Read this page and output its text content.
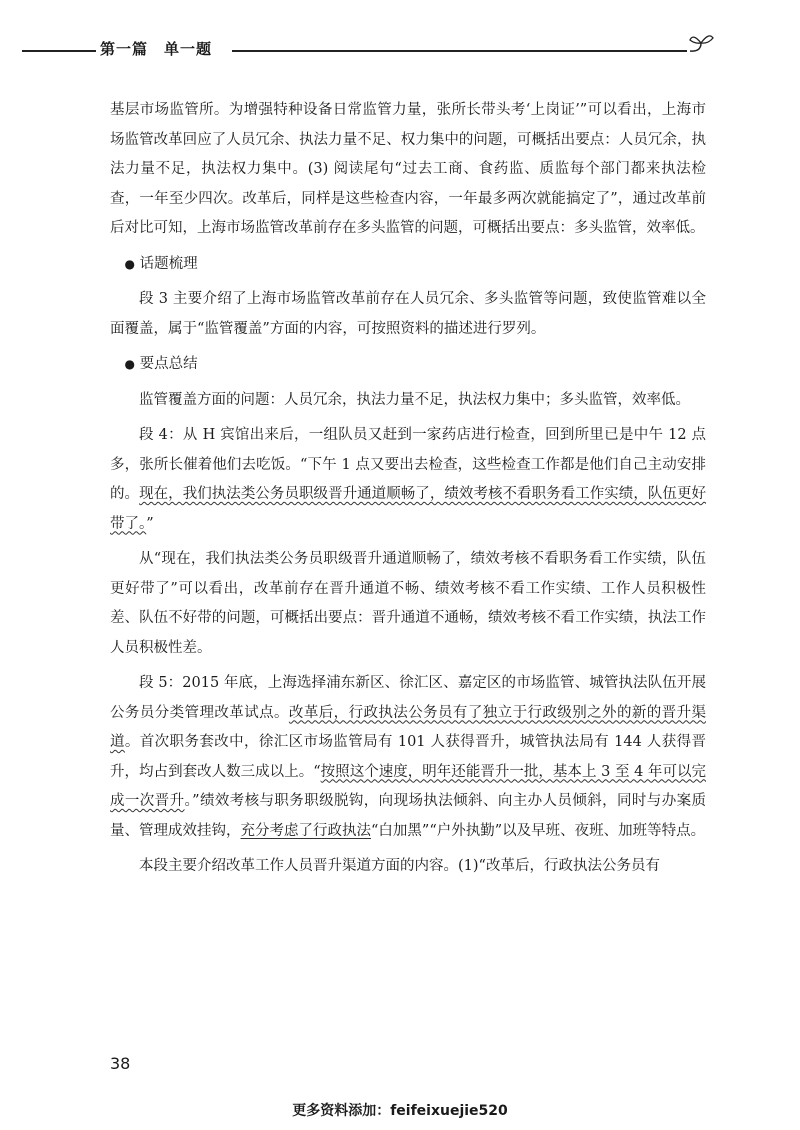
第一篇　单一题

基层市场监管所。为增强特种设备日常监管力量，张所长带头考‘上岗证’”可以看出，上海市场监管改革回应了人员冗余、执法力量不足、权力集中的问题，可概括出要点：人员冗余，执法力量不足，执法权力集中。(3) 阅读尾句“过去工商、食药监、质监每个部门都来执法检查，一年至少四次。改革后，同样是这些检查内容，一年最多两次就能搞定了”，通过改革前后对比可知，上海市场监管改革前存在多头监管的问题，可概括出要点：多头监管，效率低。

● 话题梳理

段 3 主要介绍了上海市场监管改革前存在人员冗余、多头监管等问题，致使监管难以全面覆盖，属于“监管覆盖”方面的内容，可按照资料的描述进行罗列。

● 要点总结

监管覆盖方面的问题：人员冗余，执法力量不足，执法权力集中；多头监管，效率低。

段 4：从 H 宾馆出来后，一组队员又赶到一家药店进行检查，回到所里已是中午 12 点多，张所长催着他们去吃饭。“下午 1 点又要出去检查，这些检查工作都是他们自己主动安排的。现在，我们执法类公务员职级晋升通道顺畅了，绩效考核不看职务看工作实绩，队伍更好带了。”

从“现在，我们执法类公务员职级晋升通道顺畅了，绩效考核不看职务看工作实绩，队伍更好带了”可以看出，改革前存在晋升通道不畅、绩效考核不看工作实绩、工作人员积极性差、队伍不好带的问题，可概括出要点：晋升通道不通畅，绩效考核不看工作实绩，执法工作人员积极性差。

段 5：2015 年底，上海选择浦东新区、徐汇区、嘉定区的市场监管、城管执法队伍开展公务员分类管理改革试点。改革后，行政执法公务员有了独立于行政级别之外的新的晋升渠道。首次职务套改中，徐汇区市场监管局有 101 人获得晋升，城管执法局有 144 人获得晋升，均占到套改人数三成以上。“按照这个速度，明年还能晋升一批，基本上 3 至 4 年可以完成一次晋升。”绩效考核与职务职级脱钩，向现场执法倾斜、向主办人员倾斜，同时与办案质量、管理成效挂钩，充分考虑了行政执法“白加黑”“户外执勤”以及早班、夜班、加班等特点。

本段主要介绍改革工作人员晋升渠道方面的内容。(1)“改革后，行政执法公务员有

38
更多资料添加：feifeixuejie520
